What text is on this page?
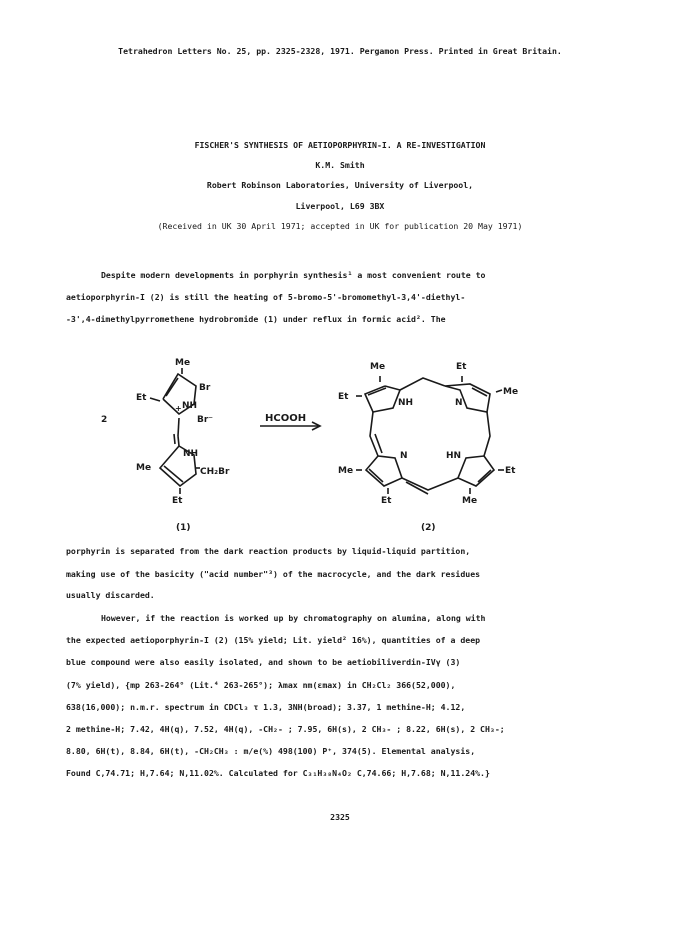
Tetrahedron Letters No. 25, pp. 2325-2328, 1971. Pergamon Press. Printed in Great Britain.
FISCHER'S SYNTHESIS OF AETIOPORPHYRIN-I. A RE-INVESTIGATION
K.M. Smith
Robert Robinson Laboratories, University of Liverpool,
Liverpool, L69 3BX
(Received in UK 30 April 1971; accepted in UK for publication 20 May 1971)
Despite modern developments in porphyrin synthesis¹ a most convenient route to
aetioporphyrin-I (2) is still the heating of 5-bromo-5'-bromomethyl-3,4'-diethyl-
-3',4-dimethylpyrromethene hydrobromide (1) under reflux in formic acid². The
2
Me
Et
Br
NH
+
Br⁻
NH
Me	CH₂Br
Et
HCOOH
Me	Et
Et	Me
NH	N
N	HN
Me	Et
Et	Me
(1)	(2)
porphyrin is separated from the dark reaction products by liquid-liquid partition,
making use of the basicity ("acid number"³) of the macrocycle, and the dark residues
usually discarded.
However, if the reaction is worked up by chromatography on alumina, along with
the expected aetioporphyrin-I (2) (15% yield; Lit. yield² 16%), quantities of a deep
blue compound were also easily isolated, and shown to be aetiobiliverdin-IVγ (3)
(7% yield), {mp 263-264° (Lit.⁴ 263-265°); λmax nm(εmax) in CH₂Cl₂ 366(52,000),
638(16,000); n.m.r. spectrum in CDCl₃ τ 1.3, 3NH(broad); 3.37, 1 methine-H; 4.12,
2 methine-H; 7.42, 4H(q), 7.52, 4H(q), -CH₂- ; 7.95, 6H(s), 2 CH₃- ; 8.22, 6H(s), 2 CH₃-;
8.80, 6H(t), 8.84, 6H(t), -CH₂CH₃ : m/e(%) 498(100) P⁺, 374(5). Elemental analysis,
Found C,74.71; H,7.64; N,11.02%. Calculated for C₃₁H₃₈N₄O₂ C,74.66; H,7.68; N,11.24%.}
2325
